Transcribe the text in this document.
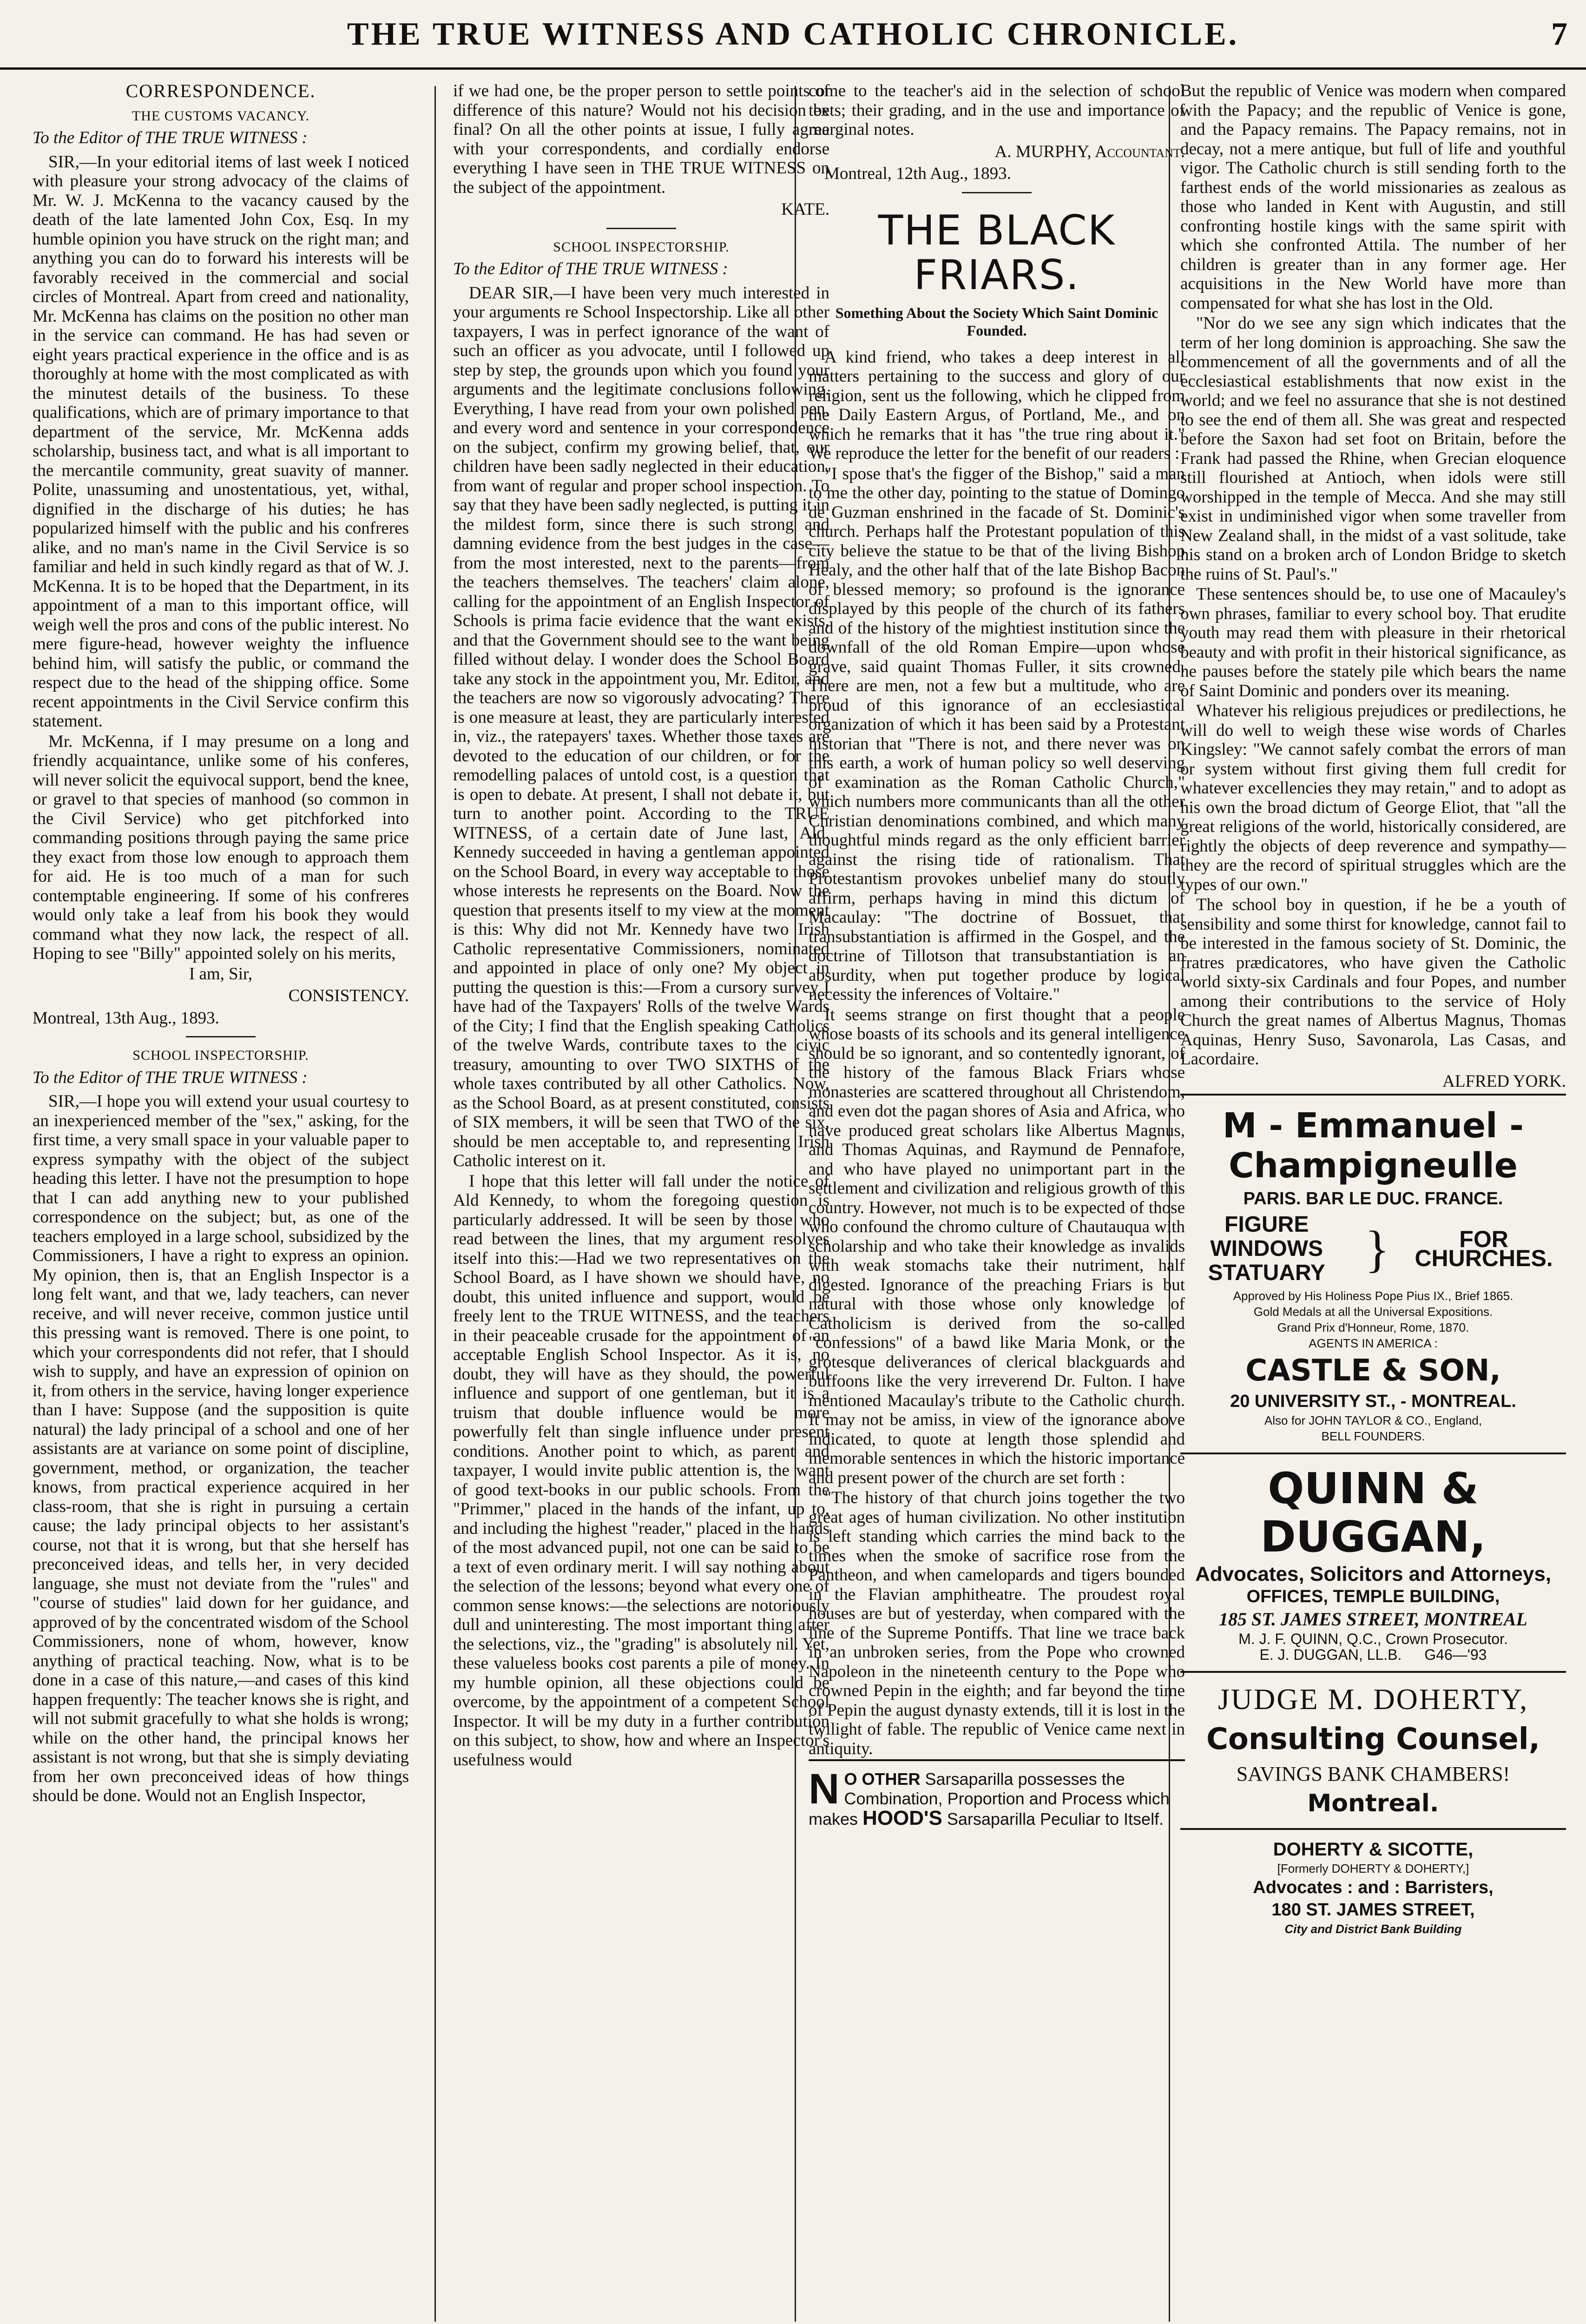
THE TRUE WITNESS AND CATHOLIC CHRONICLE.	7
CORRESPONDENCE.
THE CUSTOMS VACANCY.
To the Editor of THE TRUE WITNESS :

SIR,—In your editorial items of last week I noticed with pleasure your strong advocacy of the claims of Mr. W. J. McKenna to the vacancy caused by the death of the late lamented John Cox, Esq. In my humble opinion you have struck on the right man; and anything you can do to forward his interests will be favorably received in the commercial and social circles of Montreal. Apart from creed and nationality, Mr. McKenna has claims on the position no other man in the service can command. He has had seven or eight years practical experience in the office and is as thoroughly at home with the most complicated as with the minutest details of the business. To these qualifications, which are of primary importance to that department of the service, Mr. McKenna adds scholarship, business tact, and what is all important to the mercantile community, great suavity of manner. Polite, unassuming and unostentatious, yet, withal, dignified in the discharge of his duties; he has popularized himself with the public and his confreres alike, and no man's name in the Civil Service is so familiar and held in such kindly regard as that of W. J. McKenna. It is to be hoped that the Department, in its appointment of a man to this important office, will weigh well the pros and cons of the public interest. No mere figure-head, however weighty the influence behind him, will satisfy the public, or command the respect due to the head of the shipping office. Some recent appointments in the Civil Service confirm this statement.

Mr. McKenna, if I may presume on a long and friendly acquaintance, unlike some of his conferes, will never solicit the equivocal support, bend the knee, or gravel to that species of manhood (so common in the Civil Service) who get pitchforked into commanding positions through paying the same price they exact from those low enough to approach them for aid. He is too much of a man for such contemptable engineering. If some of his confreres would only take a leaf from his book they would command what they now lack, the respect of all. Hoping to see "Billy" appointed solely on his merits,

I am, Sir,
CONSISTENCY.

Montreal, 13th Aug., 1893.

SCHOOL INSPECTORSHIP.
To the Editor of THE TRUE WITNESS :

SIR,—I hope you will extend your usual courtesy to an inexperienced member of the "sex," asking, for the first time, a very small space in your valuable paper to express sympathy with the object of the subject heading this letter. I have not the presumption to hope that I can add anything new to your published correspondence on the subject; but, as one of the teachers employed in a large school, subsidized by the Commissioners, I have a right to express an opinion. My opinion, then is, that an English Inspector is a long felt want, and that we, lady teachers, can never receive, and will never receive, common justice until this pressing want is removed. There is one point, to which your correspondents did not refer, that I should wish to supply, and have an expression of opinion on it, from others in the service, having longer experience than I have: Suppose (and the supposition is quite natural) the lady principal of a school and one of her assistants are at variance on some point of discipline, government, method, or organization, the teacher knows, from practical experience acquired in her class-room, that she is right in pursuing a certain cause; the lady principal objects to her assistant's course, not that it is wrong, but that she herself has preconceived ideas, and tells her, in very decided language, she must not deviate from the "rules" and "course of studies" laid down for her guidance, and approved of by the concentrated wisdom of the School Commissioners, none of whom, however, know anything of practical teaching. Now, what is to be done in a case of this nature,—and cases of this kind happen frequently: The teacher knows she is right, and will not submit gracefully to what she holds is wrong; while on the other hand, the principal knows her assistant is not wrong, but that she is simply deviating from her own preconceived ideas of how things should be done. Would not an English Inspector,

if we had one, be the proper person to settle points of difference of this nature? Would not his decision be final? On all the other points at issue, I fully agree with your correspondents, and cordially endorse everything I have seen in THE TRUE WITNESS on the subject of the appointment.

KATE.
SCHOOL INSPECTORSHIP.
To the Editor of THE TRUE WITNESS :

DEAR SIR,—I have been very much interested in your arguments re School Inspectorship. Like all other taxpayers, I was in perfect ignorance of the want of such an officer as you advocate, until I followed up step by step, the grounds upon which you found your arguments and the legitimate conclusions following. Everything, I have read from your own polished pen, and every word and sentence in your correspondence on the subject, confirm my growing belief, that, our children have been sadly neglected in their education, from want of regular and proper school inspection. To say that they have been sadly neglected, is putting it in the mildest form, since there is such strong and damning evidence from the best judges in the case—from the most interested, next to the parents—from the teachers themselves. The teachers' claim alone, calling for the appointment of an English Inspector of Schools is prima facie evidence that the want exists, and that the Government should see to the want being filled without delay. I wonder does the School Board take any stock in the appointment you, Mr. Editor, and the teachers are now so vigorously advocating? There is one measure at least, they are particularly interested in, viz., the ratepayers' taxes. Whether those taxes are devoted to the education of our children, or for the remodelling palaces of untold cost, is a question that is open to debate. At present, I shall not debate it, but turn to another point. According to the TRUE WITNESS, of a certain date of June last, Ald. Kennedy succeeded in having a gentleman appointed on the School Board, in every way acceptable to those whose interests he represents on the Board. Now the question that presents itself to my view at the moment is this: Why did not Mr. Kennedy have two Irish Catholic representative Commissioners, nominated and appointed in place of only one? My object in putting the question is this:—From a cursory survey I have had of the Taxpayers' Rolls of the twelve Wards of the City; I find that the English speaking Catholics of the twelve Wards, contribute taxes to the civic treasury, amounting to over TWO SIXTHS of the whole taxes contributed by all other Catholics. Now, as the School Board, as at present constituted, consists of SIX members, it will be seen that TWO of the six, should be men acceptable to, and representing Irish Catholic interest on it.

I hope that this letter will fall under the notice of Ald Kennedy, to whom the foregoing question is particularly addressed. It will be seen by those who read between the lines, that my argument resolves itself into this:—Had we two representatives on the School Board, as I have shown we should have, no doubt, this united influence and support, would be freely lent to the TRUE WITNESS, and the teachers in their peaceable crusade for the appointment of an acceptable English School Inspector. As it is, no doubt, they will have as they should, the powerful influence and support of one gentleman, but it is a truism that double influence would be more powerfully felt than single influence under present conditions. Another point to which, as parent and taxpayer, I would invite public attention is, the want of good text-books in our public schools. From the "Primmer," placed in the hands of the infant, up to, and including the highest "reader," placed in the hands of the most advanced pupil, not one can be said to be a text of even ordinary merit. I will say nothing about the selection of the lessons; beyond what every one of common sense knows:—the selections are notoriously dull and uninteresting. The most important thing after the selections, viz., the "grading" is absolutely nil. Yet, these valueless books cost parents a pile of money. In my humble opinion, all these objections could be overcome, by the appointment of a competent School Inspector. It will be my duty in a further contribution on this subject, to show, how and where an Inspector's usefulness would

come to the teacher's aid in the selection of school texts; their grading, and in the use and importance of marginal notes.

A. MURPHY, Accountant.

Montreal, 12th Aug., 1893.

THE BLACK FRIARS.
Something About the Society Which Saint Dominic Founded.

A kind friend, who takes a deep interest in all matters pertaining to the success and glory of our religion, sent us the following, which he clipped from the Daily Eastern Argus, of Portland, Me., and on which he remarks that it has "the true ring about it." We reproduce the letter for the benefit of our readers :

"I spose that's the figger of the Bishop," said a man to me the other day, pointing to the statue of Domingo de Guzman enshrined in the facade of St. Dominic's church. Perhaps half the Protestant population of this city believe the statue to be that of the living Bishop Healy, and the other half that of the late Bishop Bacon of blessed memory; so profound is the ignorance displayed by this people of the church of its fathers and of the history of the mightiest institution since the downfall of the old Roman Empire—upon whose grave, said quaint Thomas Fuller, it sits crowned. There are men, not a few but a multitude, who are proud of this ignorance of an ecclesiastical organization of which it has been said by a Protestant historian that "There is not, and there never was on this earth, a work of human policy so well deserving of examination as the Roman Catholic Church," which numbers more communicants than all the other Christian denominations combined, and which many thoughtful minds regard as the only efficient barrier against the rising tide of rationalism. That Protestantism provokes unbelief many do stoutly affirm, perhaps having in mind this dictum of Macaulay: "The doctrine of Bossuet, that transubstantiation is affirmed in the Gospel, and the doctrine of Tillotson that transubstantiation is an absurdity, when put together produce by logical necessity the inferences of Voltaire."

It seems strange on first thought that a people whose boasts of its schools and its general intelligence should be so ignorant, and so contentedly ignorant, of the history of the famous Black Friars whose monasteries are scattered throughout all Christendom, and even dot the pagan shores of Asia and Africa, who have produced great scholars like Albertus Magnus, and Thomas Aquinas, and Raymund de Pennafore, and who have played no unimportant part in the settlement and civilization and religious growth of this country. However, not much is to be expected of those who confound the chromo culture of Chautauqua with scholarship and who take their knowledge as invalids with weak stomachs take their nutriment, half digested. Ignorance of the preaching Friars is but natural with those whose only knowledge of Catholicism is derived from the so-called "confessions" of a bawd like Maria Monk, or the grotesque deliverances of clerical blackguards and buffoons like the very irreverend Dr. Fulton. I have mentioned Macaulay's tribute to the Catholic church. It may not be amiss, in view of the ignorance above indicated, to quote at length those splendid and memorable sentences in which the historic importance and present power of the church are set forth :

"The history of that church joins together the two great ages of human civilization. No other institution is left standing which carries the mind back to the times when the smoke of sacrifice rose from the Pantheon, and when camelopards and tigers bounded in the Flavian amphitheatre. The proudest royal houses are but of yesterday, when compared with the line of the Supreme Pontiffs. That line we trace back in an unbroken series, from the Pope who crowned Napoleon in the nineteenth century to the Pope who crowned Pepin in the eighth; and far beyond the time of Pepin the august dynasty extends, till it is lost in the twilight of fable. The republic of Venice came next in antiquity.

N O OTHER Sarsaparilla possesses the Combination, Proportion and Process which makes HOOD'S Sarsaparilla Peculiar to Itself.

But the republic of Venice was modern when compared with the Papacy; and the republic of Venice is gone, and the Papacy remains. The Papacy remains, not in decay, not a mere antique, but full of life and youthful vigor. The Catholic church is still sending forth to the farthest ends of the world missionaries as zealous as those who landed in Kent with Augustin, and still confronting hostile kings with the same spirit with which she confronted Attila. The number of her children is greater than in any former age. Her acquisitions in the New World have more than compensated for what she has lost in the Old.

"Nor do we see any sign which indicates that the term of her long dominion is approaching. She saw the commencement of all the governments and of all the ecclesiastical establishments that now exist in the world; and we feel no assurance that she is not destined to see the end of them all. She was great and respected before the Saxon had set foot on Britain, before the Frank had passed the Rhine, when Grecian eloquence still flourished at Antioch, when idols were still worshipped in the temple of Mecca. And she may still exist in undiminished vigor when some traveller from New Zealand shall, in the midst of a vast solitude, take his stand on a broken arch of London Bridge to sketch the ruins of St. Paul's."

These sentences should be, to use one of Macauley's own phrases, familiar to every school boy. That erudite youth may read them with pleasure in their rhetorical beauty and with profit in their historical significance, as he pauses before the stately pile which bears the name of Saint Dominic and ponders over its meaning.

Whatever his religious prejudices or predilections, he will do well to weigh these wise words of Charles Kingsley: "We cannot safely combat the errors of man or system without first giving them full credit for whatever excellencies they may retain," and to adopt as his own the broad dictum of George Eliot, that "all the great religions of the world, historically considered, are rightly the objects of deep reverence and sympathy—they are the record of spiritual struggles which are the types of our own."

The school boy in question, if he be a youth of sensibility and some thirst for knowledge, cannot fail to be interested in the famous society of St. Dominic, the fratres prædicatores, who have given the Catholic world sixty-six Cardinals and four Popes, and number among their contributions to the service of Holy Church the great names of Albertus Magnus, Thomas Aquinas, Henry Suso, Savonarola, Las Casas, and Lacordaire.

ALFRED YORK.
M - Emmanuel - Champigneulle
PARIS. BAR LE DUC. FRANCE.
FIGURE WINDOWS
STATUARY }	FOR CHURCHES.
Approved by His Holiness Pope Pius IX., Brief 1865.
Gold Medals at all the Universal Expositions.
Grand Prix d'Honneur, Rome, 1870.
AGENTS IN AMERICA :
CASTLE & SON,
20 UNIVERSITY ST., - MONTREAL.
Also for JOHN TAYLOR & CO., England,
BELL FOUNDERS.
QUINN & DUGGAN,
Advocates, Solicitors and Attorneys,
OFFICES, TEMPLE BUILDING,
185 ST. JAMES STREET, MONTREAL
M. J. F. QUINN, Q.C., Crown Prosecutor.
E. J. DUGGAN, LL.B. G46—'93
JUDGE M. DOHERTY,
Consulting Counsel,
SAVINGS BANK CHAMBERS!
Montreal.
DOHERTY & SICOTTE,
[Formerly DOHERTY & DOHERTY,]
Advocates : and : Barristers,
180 ST. JAMES STREET,
City and District Bank Building
